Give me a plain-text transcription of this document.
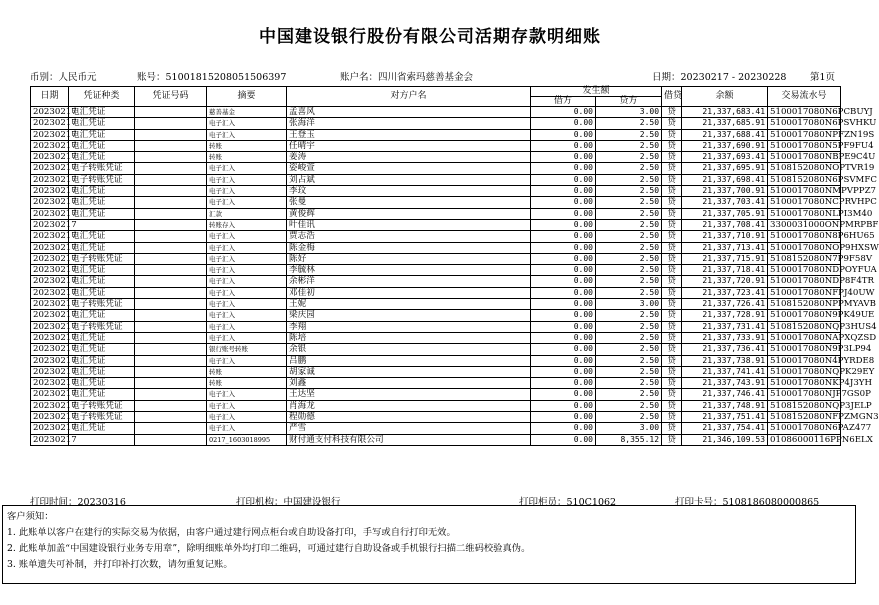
中国建设银行股份有限公司活期存款明细账
币别：人民币元	账号：51001815208051506397	账户名：四川省索玛慈善基金会	日期：20230217 - 20230228 第1页
日期	凭证种类	凭证号码	摘要	对方户名	发生额		借贷	余额	交易流水号
					借方	贷方			
20230217	电汇凭证		慈善基金	孟喜风	0.00	3.00	贷	21,337,683.41	5100017080N6PCBUYJ
20230217	电汇凭证		电子汇入	张海洋	0.00	2.50	贷	21,337,685.91	5100017080N6PSVHKU
20230217	电汇凭证		电子汇入	王登玉	0.00	2.50	贷	21,337,688.41	5100017080NPFZN19S
20230217	电汇凭证		转账	任晴宇	0.00	2.50	贷	21,337,690.91	5100017080N5PF9FU4
20230217	电汇凭证		转账	姜涛	0.00	2.50	贷	21,337,693.41	5100017080NBPE9C4U
20230217	电子转账凭证		电子汇入	姿峻萱	0.00	2.50	贷	21,337,695.91	5108152080NOPTVR19
20230217	电子转账凭证		电子汇入	刘占斌	0.00	2.50	贷	21,337,698.41	5108152080N6PSVMFC
20230217	电汇凭证		电子汇入	李玟	0.00	2.50	贷	21,337,700.91	5100017080NMPVPPZ7
20230217	电汇凭证		电子汇入	张曼	0.00	2.50	贷	21,337,703.41	5100017080NCPRVHPC
20230217	电汇凭证		汇款	黄俊辉	0.00	2.50	贷	21,337,705.91	5100017080NLPI3M40
20230217			转账存入	叶佳讯	0.00	2.50	贷	21,337,708.41	3300031000ONPMRPBF
20230217	电汇凭证		电子汇入	贾志浩	0.00	2.50	贷	21,337,710.91	5100017080N8P6HU65
20230217	电汇凭证		电子汇入	陈金梅	0.00	2.50	贷	21,337,713.41	5100017080NOP9HXSW
20230217	电子转账凭证		电子汇入	陈好	0.00	2.50	贷	21,337,715.91	5108152080N7P9F58V
20230217	电汇凭证		电子汇入	李毓林	0.00	2.50	贷	21,337,718.41	5100017080NDPOYFUA
20230217	电汇凭证		电子汇入	余彬洋	0.00	2.50	贷	21,337,720.91	5100017080NDP8F4TR
20230217	电汇凭证		电子汇入	邓佳初	0.00	2.50	贷	21,337,723.41	5100017080NFPJ40UW
20230217	电子转账凭证		电子汇入	王妮	0.00	3.00	贷	21,337,726.41	5108152080NPPMYAVB
20230217	电汇凭证		电子汇入	梁庆园	0.00	2.50	贷	21,337,728.91	5100017080N9PK49UE
20230217	电子转账凭证		电子汇入	李翔	0.00	2.50	贷	21,337,731.41	5108152080NQP3HUS4
20230217	电汇凭证		电子汇入	陈培	0.00	2.50	贷	21,337,733.91	5100017080NAPXQZSD
20230217	电汇凭证		银行账号转账	余银	0.00	2.50	贷	21,337,736.41	5100017080N9P3LP94
20230217	电汇凭证		电子汇入	吕鹏	0.00	2.50	贷	21,337,738.91	5100017080N4PYRDE8
20230217	电汇凭证		转账	胡家诚	0.00	2.50	贷	21,337,741.41	5100017080NQPK29EY
20230217	电汇凭证		转账	刘鑫	0.00	2.50	贷	21,337,743.91	5100017080NKP4J3YH
20230217	电汇凭证		电子汇入	王达坚	0.00	2.50	贷	21,337,746.41	5100017080NJP7GS0P
20230217	电子转账凭证		电子汇入	肖海龙	0.00	2.50	贷	21,337,748.91	5108152080NQP3JELP
20230217	电子转账凭证		电子汇入	程勋德	0.00	2.50	贷	21,337,751.41	5108152080NFPZMGN3
20230217	电汇凭证		电子汇入	严雪	0.00	3.00	贷	21,337,754.41	5100017080N6PAZ477
20230217			0217_1603018995	财付通支付科技有限公司	0.00	8,355.12	贷	21,346,109.53	01086000116PPN6ELX
打印时间：20230316	打印机构：中国建设银行	打印柜员：510C1062	打印卡号：5108186080000865
客户须知：
1. 此账单以客户在建行的实际交易为依据，由客户通过建行网点柜台或自助设备打印，手写或自行打印无效。
2. 此账单加盖“中国建设银行业务专用章”，除明细账单外均打印二维码，可通过建行自助设备或手机银行扫描二维码校验真伪。
3. 账单遗失可补制，并打印补打次数，请勿重复记账。
